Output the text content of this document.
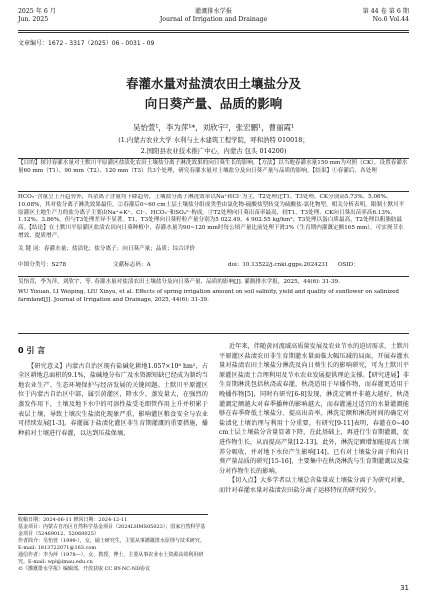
2025 年 6 月
Jun. 2025
灌溉排水学报
Journal of Irrigation and Drainage
第 44 卷 第 6 期
No.6 Vol.44
文章编号：1672 - 3317（2025）06 - 0031 - 09
春灌水量对盐渍农田土壤盐分及
向日葵产量、品质的影响
吴怡萱¹，李为萍¹*，刘欣宇²，张宏鹏¹，曹丽霞¹
(1.内蒙古农业大学 水利与土木建筑工程学院，呼和浩特 010018；
2.国阳县农业技术推广中心，内蒙古 包头 014200)
【目的】探讨春灌水量对土默川平原灌区盐渍化农田土壤盐分离子淋洗效果的向日葵生长的影响。【方法】以当地春灌水量150 mm为对照（CK），设置春灌水量60 mm（T1）、90 mm（T2）、120 mm（T3）共3个处理，研究春灌水量对土壤盐分及向日葵产量与品质的影响。【结果】①春灌后，各处理
HCO₃⁻含量呈上升趋势外，其余离子含量均下降趋势，土壤盐分离子淋洗效率以Na⁺和Cl⁻为主，T2处理比T1、T3处理、CK分别高5.73%、5.06%、10.08%，其对盐分离子淋洗效果最佳。②春灌后0~60 cm土层土壤盐分组成类型由氯化物-硫酸盐型转变为硫酸盐-氯化物型，相关分析表明，限制土默川平原灌区土地生产力的盐分离子主要由Na⁺+K⁺、Cl⁻、HCO₃⁻和SO₄²⁻构成。③T2处理向日葵出苗率最高，较T1、T3处理、CK向日葵出苗率高6.13%、1.12%、3.86%，但与T3处理差异不显著。T1、T3处理向日葵籽粒产量分别为5 022.49、4 902.55 kg/hm²；T3处理以蛋白质最高，T2处理以粗脂肪最高。【结论】在土默川平原灌区盐渍农田向日葵种植中，春灌水量为90~120 mm时每公顷产量比前处理下滑3%（生育期内灌溉定额165 mm），可实现节水增效、提质增产。
关 键 词：春灌水量；盐渍化；盐分离子；向日葵产量；品质；综合评价
中图分类号：S278	文献标志码：A	doi：10.13522/j.cnki.ggps.2024231 OSID：
吴怡萱，李为萍，刘欣宇，等. 春灌水量对盐渍农田土壤盐分及向日葵产量、品质的影响[J]. 灌溉排水学报，2025，44(6): 31-39.
WU Yixuan, LI Weiping, LIU Xinyu, et al. Effects of spring irrigation amount on soil salinity, yield and quality of sunflower on salinized farmland[J]. Journal of Irrigation and Drainage, 2025, 44(6): 31-39.
0 引 言

【研究意义】内蒙古自治区现有盐碱化耕地1.057×10⁶ hm²，占全区耕地总面积的9.1%，盐碱地分布广及水资源短缺已经成为制约当地农业生产、生态环境保护与经济发展的关键问题。土默川平原灌区位于内蒙古自治区中部，属引黄灌区，降水少、蒸发量大，在强烈的蒸发作用下，土壤及地下水中的可溶性盐受毛细管作用上升并积累于表层土壤，导致土壤次生盐渍化现象严重，影响灌区粮食安全与农业可持续发展[1-3]。春灌属于盐渍化灌区非生育期灌溉的重要措施，播种前对土壤进行春灌，以达到压盐保墒，

收稿日期：2024-06-11 修回日期：2024-12-11
基金项目：内蒙古自治区自然科学基金项目（2024LHMS05023）；国家自然科学基金项目（52469012、52069025）
作者简介：吴怡萱（1999-），女，硕士研究生，主要从事灌溉排水原理与技术研究。E-mail: 1813722071@163.com
通信作者：李为萍（1978—），女，教授，博士，主要从事农业水土资源高效利用研究。E-mail: wpl@imau.edu.cn
©《灌溉排水学报》编辑部，开放获取 CC BY-NC-ND协议

近年来，伴随黄河流域高质量发展及农业节水的迫切需求，土默川平原灌区盐渍农田非生育期灌水量面临大幅压减的局面，开展春灌水量对盐渍农田土壤盐分淋洗及向日葵生长的影响研究，可为土默川平原灌区盐渍土合理利用及节水农业发展提供理论支撑。【研究进展】非生育期淋洗包括秋浇或春灌，秋浇适用于早播作物，而春灌更适用于晚播作物[5]，同时有研究[6-8]发现，淋洗定额并非越大越好，秋浇灌溉定额越大对春季播种的影响越大，而春灌通过适宜的水量灌溉能够在春季降低土壤盐分、提高出苗率。淋洗定额和淋洗时间的确定对盐渍化土壤治理与利用十分重要，有研究[9-11]表明，春灌在0~40 cm土层土壤盐分含量显著下降，在此基础上，再进行生育期灌溉，促进作物生长，从而提高产量[12-13]。此外，淋洗定额增加能提高土壤养分吸收，并对地下水位产生影响[14]。已有对土壤盐分离子和向日葵产量品质的研究[15-16]，主要集中在秋浇淋洗与生育期灌溉以及盐分对作物生长的影响。

【切入点】大多学者以土壤总含盐量或土壤盐分离子为研究对象，而针对春灌水量对盐渍农田盐分离子运移特征的研究较少。

31
